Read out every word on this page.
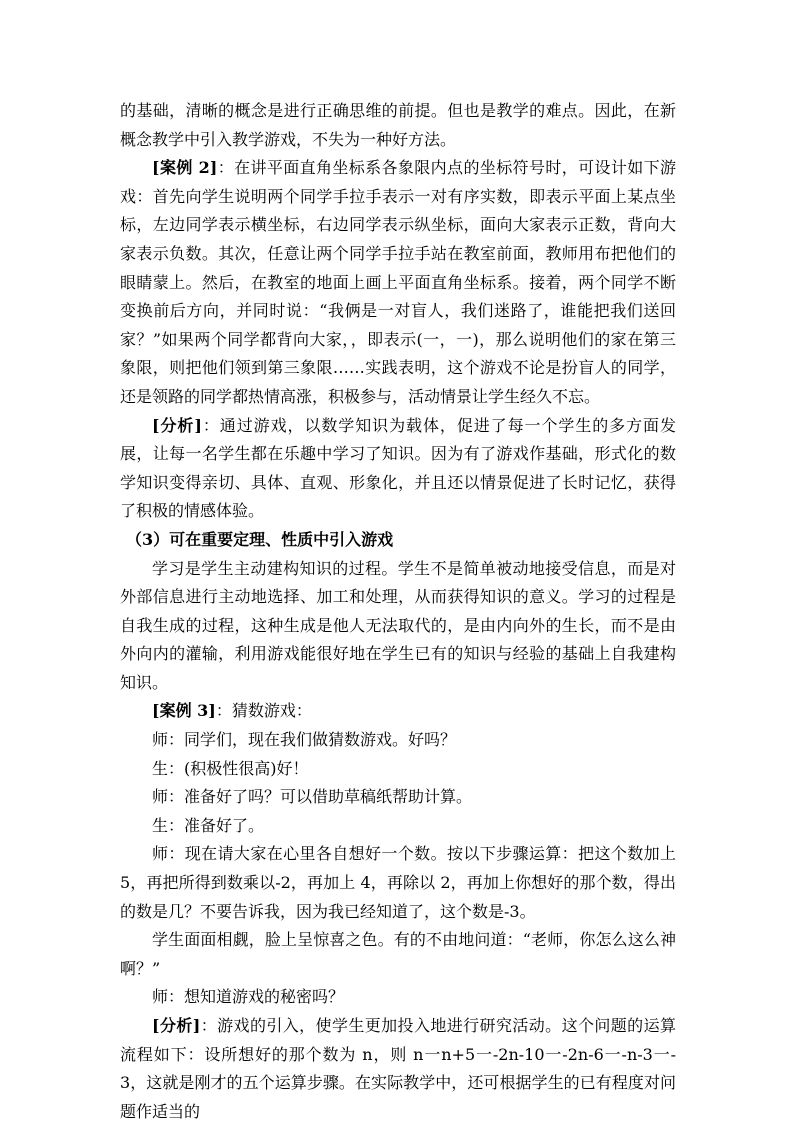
的基础，清晰的概念是进行正确思维的前提。但也是教学的难点。因此，在新概念教学中引入教学游戏，不失为一种好方法。

[案例 2]：在讲平面直角坐标系各象限内点的坐标符号时，可设计如下游戏：首先向学生说明两个同学手拉手表示一对有序实数，即表示平面上某点坐标，左边同学表示横坐标，右边同学表示纵坐标，面向大家表示正数，背向大家表示负数。其次，任意让两个同学手拉手站在教室前面，教师用布把他们的眼睛蒙上。然后，在教室的地面上画上平面直角坐标系。接着，两个同学不断变换前后方向，并同时说：“我俩是一对盲人，我们迷路了，谁能把我们送回家？”如果两个同学都背向大家，，即表示(一，一)，那么说明他们的家在第三象限，则把他们领到第三象限……实践表明，这个游戏不论是扮盲人的同学，还是领路的同学都热情高涨，积极参与，活动情景让学生经久不忘。

[分析]：通过游戏，以数学知识为载体，促进了每一个学生的多方面发展，让每一名学生都在乐趣中学习了知识。因为有了游戏作基础，形式化的数学知识变得亲切、具体、直观、形象化，并且还以情景促进了长时记忆，获得了积极的情感体验。

（3）可在重要定理、性质中引入游戏

学习是学生主动建构知识的过程。学生不是简单被动地接受信息，而是对外部信息进行主动地选择、加工和处理，从而获得知识的意义。学习的过程是自我生成的过程，这种生成是他人无法取代的，是由内向外的生长，而不是由外向内的灌输，利用游戏能很好地在学生已有的知识与经验的基础上自我建构知识。

[案例 3]：猜数游戏：

师：同学们，现在我们做猜数游戏。好吗？

生：(积极性很高)好！

师：准备好了吗？可以借助草稿纸帮助计算。

生：准备好了。

师：现在请大家在心里各自想好一个数。按以下步骤运算：把这个数加上 5，再把所得到数乘以-2，再加上 4，再除以 2，再加上你想好的那个数，得出的数是几？不要告诉我，因为我已经知道了，这个数是-3。

学生面面相觑，脸上呈惊喜之色。有的不由地问道：“老师，你怎么这么神啊？”

师：想知道游戏的秘密吗？

[分析]：游戏的引入，使学生更加投入地进行研究活动。这个问题的运算流程如下：设所想好的那个数为 n，则 n一n+5一-2n-10一-2n-6一-n-3一-3，这就是刚才的五个运算步骤。在实际教学中，还可根据学生的已有程度对问题作适当的
